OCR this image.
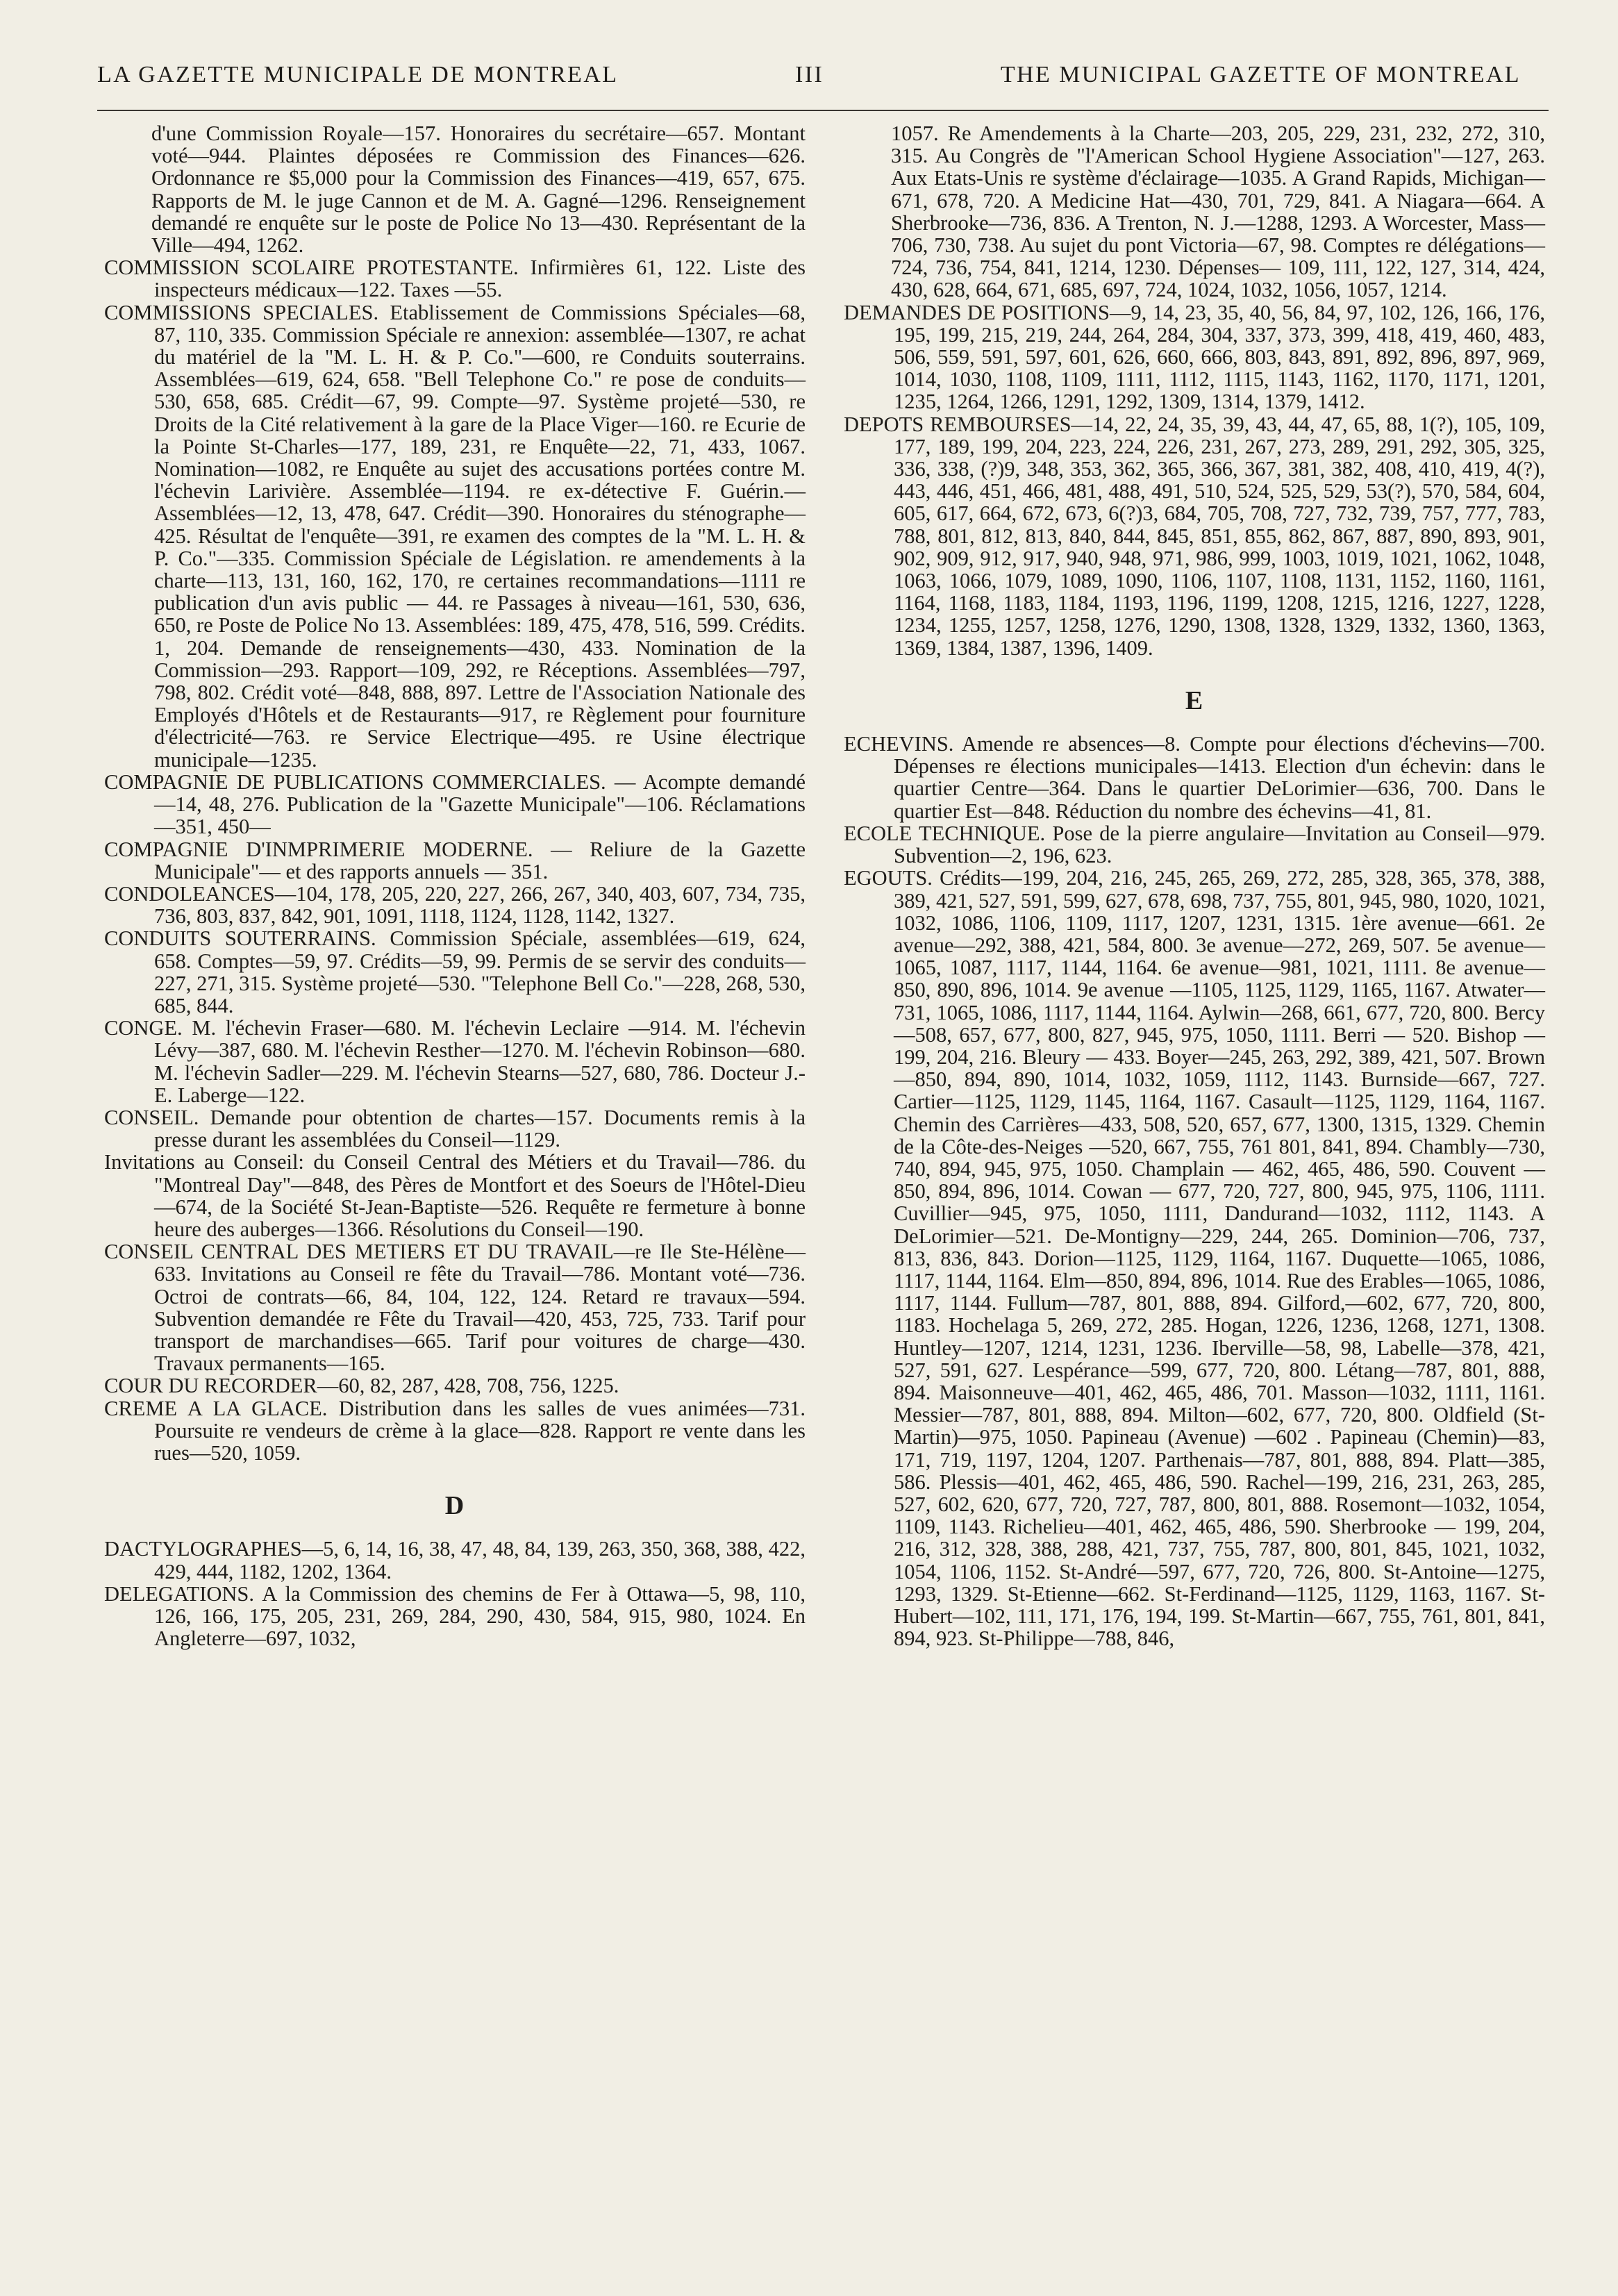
LA GAZETTE MUNICIPALE DE MONTREAL	III	THE MUNICIPAL GAZETTE OF MONTREAL

d'une Commission Royale—157. Honoraires du secrétaire—657. Montant voté—944. Plaintes déposées re Commission des Finances—626. Ordonnance re $5,000 pour la Commission des Finances—419, 657, 675. Rapports de M. le juge Cannon et de M. A. Gagné—1296. Renseignement demandé re enquête sur le poste de Police No 13—430. Représentant de la Ville—494, 1262.

COMMISSION SCOLAIRE PROTESTANTE. Infirmières 61, 122. Liste des inspecteurs médicaux—122. Taxes —55.

COMMISSIONS SPECIALES. Etablissement de Commissions Spéciales—68, 87, 110, 335. Commission Spéciale re annexion: assemblée—1307, re achat du matériel de la "M. L. H. & P. Co."—600, re Conduits souterrains. Assemblées—619, 624, 658. "Bell Telephone Co." re pose de conduits—530, 658, 685. Crédit—67, 99. Compte—97. Système projeté—530, re Droits de la Cité relativement à la gare de la Place Viger—160. re Ecurie de la Pointe St-Charles—177, 189, 231, re Enquête—22, 71, 433, 1067. Nomination—1082, re Enquête au sujet des accusations portées contre M. l'échevin Larivière. Assemblée—1194. re ex-détective F. Guérin.—Assemblées—12, 13, 478, 647. Crédit—390. Honoraires du sténographe—425. Résultat de l'enquête—391, re examen des comptes de la "M. L. H. & P. Co."—335. Commission Spéciale de Législation. re amendements à la charte—113, 131, 160, 162, 170, re certaines recommandations—1111 re publication d'un avis public — 44. re Passages à niveau—161, 530, 636, 650, re Poste de Police No 13. Assemblées: 189, 475, 478, 516, 599. Crédits. 1, 204. Demande de renseignements—430, 433. Nomination de la Commission—293. Rapport—109, 292, re Réceptions. Assemblées—797, 798, 802. Crédit voté—848, 888, 897. Lettre de l'Association Nationale des Employés d'Hôtels et de Restaurants—917, re Règlement pour fourniture d'électricité—763. re Service Electrique—495. re Usine électrique municipale—1235.

COMPAGNIE DE PUBLICATIONS COMMERCIALES. — Acompte demandé—14, 48, 276. Publication de la "Gazette Municipale"—106. Réclamations—351, 450—

COMPAGNIE D'INMPRIMERIE MODERNE. — Reliure de la Gazette Municipale"— et des rapports annuels — 351.

CONDOLEANCES—104, 178, 205, 220, 227, 266, 267, 340, 403, 607, 734, 735, 736, 803, 837, 842, 901, 1091, 1118, 1124, 1128, 1142, 1327.

CONDUITS SOUTERRAINS. Commission Spéciale, assemblées—619, 624, 658. Comptes—59, 97. Crédits—59, 99. Permis de se servir des conduits—227, 271, 315. Système projeté—530. "Telephone Bell Co."—228, 268, 530, 685, 844.

CONGE. M. l'échevin Fraser—680. M. l'échevin Leclaire —914. M. l'échevin Lévy—387, 680. M. l'échevin Resther—1270. M. l'échevin Robinson—680. M. l'échevin Sadler—229. M. l'échevin Stearns—527, 680, 786. Docteur J.-E. Laberge—122.

CONSEIL. Demande pour obtention de chartes—157. Documents remis à la presse durant les assemblées du Conseil—1129.

Invitations au Conseil: du Conseil Central des Métiers et du Travail—786. du "Montreal Day"—848, des Pères de Montfort et des Soeurs de l'Hôtel-Dieu—674, de la Société St-Jean-Baptiste—526. Requête re fermeture à bonne heure des auberges—1366. Résolutions du Conseil—190.

CONSEIL CENTRAL DES METIERS ET DU TRAVAIL—re Ile Ste-Hélène—633. Invitations au Conseil re fête du Travail—786. Montant voté—736. Octroi de contrats—66, 84, 104, 122, 124. Retard re travaux—594. Subvention demandée re Fête du Travail—420, 453, 725, 733. Tarif pour transport de marchandises—665. Tarif pour voitures de charge—430. Travaux permanents—165.

COUR DU RECORDER—60, 82, 287, 428, 708, 756, 1225.

CREME A LA GLACE. Distribution dans les salles de vues animées—731. Poursuite re vendeurs de crème à la glace—828. Rapport re vente dans les rues—520, 1059.

D

DACTYLOGRAPHES—5, 6, 14, 16, 38, 47, 48, 84, 139, 263, 350, 368, 388, 422, 429, 444, 1182, 1202, 1364.

DELEGATIONS. A la Commission des chemins de Fer à Ottawa—5, 98, 110, 126, 166, 175, 205, 231, 269, 284, 290, 430, 584, 915, 980, 1024. En Angleterre—697, 1032,

1057. Re Amendements à la Charte—203, 205, 229, 231, 232, 272, 310, 315. Au Congrès de "l'American School Hygiene Association"—127, 263. Aux Etats-Unis re système d'éclairage—1035. A Grand Rapids, Michigan—671, 678, 720. A Medicine Hat—430, 701, 729, 841. A Niagara—664. A Sherbrooke—736, 836. A Trenton, N. J.—1288, 1293. A Worcester, Mass—706, 730, 738. Au sujet du pont Victoria—67, 98. Comptes re délégations—724, 736, 754, 841, 1214, 1230. Dépenses— 109, 111, 122, 127, 314, 424, 430, 628, 664, 671, 685, 697, 724, 1024, 1032, 1056, 1057, 1214.

DEMANDES DE POSITIONS—9, 14, 23, 35, 40, 56, 84, 97, 102, 126, 166, 176, 195, 199, 215, 219, 244, 264, 284, 304, 337, 373, 399, 418, 419, 460, 483, 506, 559, 591, 597, 601, 626, 660, 666, 803, 843, 891, 892, 896, 897, 969, 1014, 1030, 1108, 1109, 1111, 1112, 1115, 1143, 1162, 1170, 1171, 1201, 1235, 1264, 1266, 1291, 1292, 1309, 1314, 1379, 1412.

DEPOTS REMBOURSES—14, 22, 24, 35, 39, 43, 44, 47, 65, 88, 1(?), 105, 109, 177, 189, 199, 204, 223, 224, 226, 231, 267, 273, 289, 291, 292, 305, 325, 336, 338, (?)9, 348, 353, 362, 365, 366, 367, 381, 382, 408, 410, 419, 4(?), 443, 446, 451, 466, 481, 488, 491, 510, 524, 525, 529, 53(?), 570, 584, 604, 605, 617, 664, 672, 673, 6(?)3, 684, 705, 708, 727, 732, 739, 757, 777, 783, 788, 801, 812, 813, 840, 844, 845, 851, 855, 862, 867, 887, 890, 893, 901, 902, 909, 912, 917, 940, 948, 971, 986, 999, 1003, 1019, 1021, 1062, 1048, 1063, 1066, 1079, 1089, 1090, 1106, 1107, 1108, 1131, 1152, 1160, 1161, 1164, 1168, 1183, 1184, 1193, 1196, 1199, 1208, 1215, 1216, 1227, 1228, 1234, 1255, 1257, 1258, 1276, 1290, 1308, 1328, 1329, 1332, 1360, 1363, 1369, 1384, 1387, 1396, 1409.

E

ECHEVINS. Amende re absences—8. Compte pour élections d'échevins—700. Dépenses re élections municipales—1413. Election d'un échevin: dans le quartier Centre—364. Dans le quartier DeLorimier—636, 700. Dans le quartier Est—848. Réduction du nombre des échevins—41, 81.

ECOLE TECHNIQUE. Pose de la pierre angulaire—Invitation au Conseil—979. Subvention—2, 196, 623.

EGOUTS. Crédits—199, 204, 216, 245, 265, 269, 272, 285, 328, 365, 378, 388, 389, 421, 527, 591, 599, 627, 678, 698, 737, 755, 801, 945, 980, 1020, 1021, 1032, 1086, 1106, 1109, 1117, 1207, 1231, 1315. 1ère avenue—661. 2e avenue—292, 388, 421, 584, 800. 3e avenue—272, 269, 507. 5e avenue—1065, 1087, 1117, 1144, 1164. 6e avenue—981, 1021, 1111. 8e avenue—850, 890, 896, 1014. 9e avenue —1105, 1125, 1129, 1165, 1167. Atwater—731, 1065, 1086, 1117, 1144, 1164. Aylwin—268, 661, 677, 720, 800. Bercy—508, 657, 677, 800, 827, 945, 975, 1050, 1111. Berri — 520. Bishop — 199, 204, 216. Bleury — 433. Boyer—245, 263, 292, 389, 421, 507. Brown—850, 894, 890, 1014, 1032, 1059, 1112, 1143. Burnside—667, 727. Cartier—1125, 1129, 1145, 1164, 1167. Casault—1125, 1129, 1164, 1167. Chemin des Carrières—433, 508, 520, 657, 677, 1300, 1315, 1329. Chemin de la Côte-des-Neiges —520, 667, 755, 761 801, 841, 894. Chambly—730, 740, 894, 945, 975, 1050. Champlain — 462, 465, 486, 590. Couvent — 850, 894, 896, 1014. Cowan — 677, 720, 727, 800, 945, 975, 1106, 1111. Cuvillier—945, 975, 1050, 1111, Dandurand—1032, 1112, 1143. A DeLorimier—521. De-Montigny—229, 244, 265. Dominion—706, 737, 813, 836, 843. Dorion—1125, 1129, 1164, 1167. Duquette—1065, 1086, 1117, 1144, 1164. Elm—850, 894, 896, 1014. Rue des Erables—1065, 1086, 1117, 1144. Fullum—787, 801, 888, 894. Gilford,—602, 677, 720, 800, 1183. Hochelaga 5, 269, 272, 285. Hogan, 1226, 1236, 1268, 1271, 1308. Huntley—1207, 1214, 1231, 1236. Iberville—58, 98, Labelle—378, 421, 527, 591, 627. Lespérance—599, 677, 720, 800. Létang—787, 801, 888, 894. Maisonneuve—401, 462, 465, 486, 701. Masson—1032, 1111, 1161. Messier—787, 801, 888, 894. Milton—602, 677, 720, 800. Oldfield (St-Martin)—975, 1050. Papineau (Avenue) —602 . Papineau (Chemin)—83, 171, 719, 1197, 1204, 1207. Parthenais—787, 801, 888, 894. Platt—385, 586. Plessis—401, 462, 465, 486, 590. Rachel—199, 216, 231, 263, 285, 527, 602, 620, 677, 720, 727, 787, 800, 801, 888. Rosemont—1032, 1054, 1109, 1143. Richelieu—401, 462, 465, 486, 590. Sherbrooke — 199, 204, 216, 312, 328, 388, 288, 421, 737, 755, 787, 800, 801, 845, 1021, 1032, 1054, 1106, 1152. St-André—597, 677, 720, 726, 800. St-Antoine—1275, 1293, 1329. St-Etienne—662. St-Ferdinand—1125, 1129, 1163, 1167. St-Hubert—102, 111, 171, 176, 194, 199. St-Martin—667, 755, 761, 801, 841, 894, 923. St-Philippe—788, 846,
